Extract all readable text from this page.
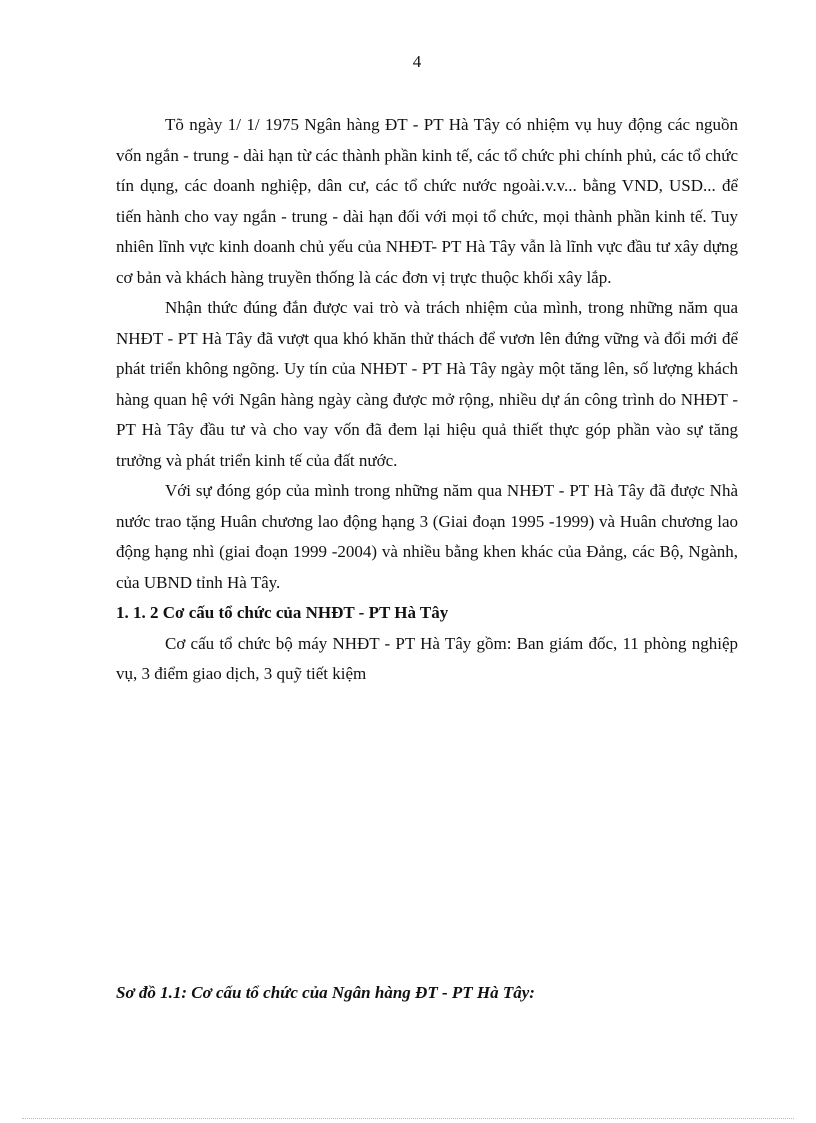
4

Tõ ngày 1/ 1/ 1975 Ngân hàng ĐT - PT Hà Tây có nhiệm vụ huy động các nguồn vốn ngắn - trung - dài hạn từ các thành phần kinh tế, các tổ chức phi chính phủ, các tổ chức tín dụng, các doanh nghiệp, dân cư, các tổ chức nước ngoài.v.v... bằng VND, USD... để tiến hành cho vay ngắn - trung - dài hạn đối với mọi tổ chức, mọi thành phần kinh tế. Tuy nhiên lĩnh vực kinh doanh chủ yếu của NHĐT- PT Hà Tây vẫn là lĩnh vực đầu tư xây dựng cơ bản và khách hàng truyền thống là các đơn vị trực thuộc khối xây lắp.

Nhận thức đúng đắn được vai trò và trách nhiệm của mình, trong những năm qua NHĐT - PT Hà Tây đã vượt qua khó khăn thử thách để vươn lên đứng vững và đổi mới để phát triển không ngõng. Uy tín của NHĐT - PT Hà Tây ngày một tăng lên, số lượng khách hàng quan hệ với Ngân hàng ngày càng được mở rộng, nhiều dự án công trình do NHĐT - PT Hà Tây đầu tư và cho vay vốn đã đem lại hiệu quả thiết thực góp phần vào sự tăng trưởng và phát triển kinh tế của đất nước.

Với sự đóng góp của mình trong những năm qua NHĐT - PT Hà Tây đã được Nhà nước trao tặng Huân chương lao động hạng 3 (Giai đoạn 1995 -1999) và Huân chương lao động hạng nhì (giai đoạn 1999 -2004) và nhiều bằng khen khác của Đảng, các Bộ, Ngành, của UBND tỉnh Hà Tây.

1. 1. 2 Cơ cấu tổ chức của NHĐT - PT Hà Tây

Cơ cấu tổ chức bộ máy NHĐT - PT Hà Tây gồm: Ban giám đốc, 11 phòng nghiệp vụ, 3 điểm giao dịch, 3 quỹ tiết kiệm

Sơ đồ 1.1: Cơ cấu tổ chức của Ngân hàng ĐT - PT Hà Tây:
